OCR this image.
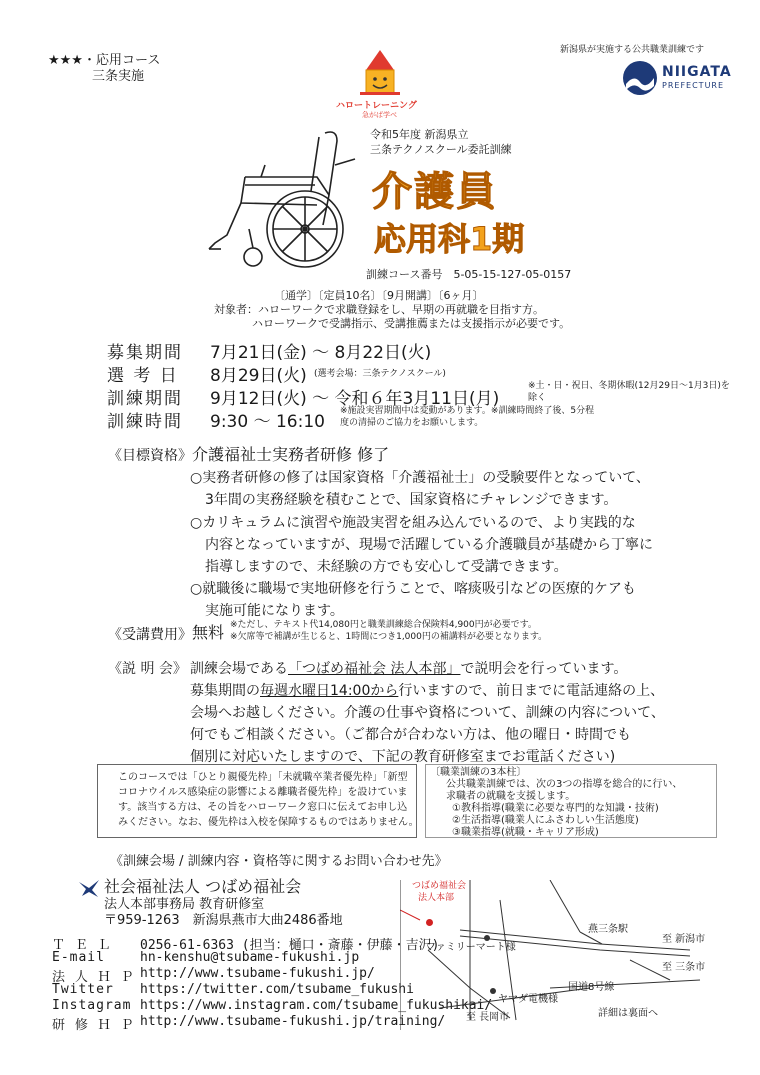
★★★・応用コース
三条実施
ハロートレーニング
急がば学べ
新潟県が実施する公共職業訓練です
NIIGATA
PREFECTURE
令和5年度 新潟県立
三条テクノスクール委託訓練
介護員
応用科1期
訓練コース番号　5-05-15-127-05-0157
〔通学〕〔定員10名〕〔9月開講〕〔6ヶ月〕
対象者：ハローワークで求職登録をし、早期の再就職を目指す方。
ハローワークで受講指示、受講推薦または支援指示が必要です。
募集期間 7月21日(金) ～ 8月22日(火)
選 考 日 8月29日(火) (選考会場：三条テクノスクール)
訓練期間 9月12日(火) ～ 令和６年3月11日(月)
※土・日・祝日、冬期休暇(12月29日～1月3日)を除く
訓練時間 9:30 ～ 16:10
※施設実習期間中は変動があります。※訓練時間終了後、5分程度の清掃のご協力をお願いします。
《目標資格》 介護福祉士実務者研修 修了
○実務者研修の修了は国家資格「介護福祉士」の受験要件となっていて、
3年間の実務経験を積むことで、国家資格にチャレンジできます。
○カリキュラムに演習や施設実習を組み込んでいるので、より実践的な
内容となっていますが、現場で活躍している介護職員が基礎から丁寧に
指導しますので、未経験の方でも安心して受講できます。
○就職後に職場で実地研修を行うことで、喀痰吸引などの医療的ケアも
実施可能になります。
《受講費用》 無料 ※ただし、テキスト代14,080円と職業訓練総合保険料4,900円が必要です。
※欠席等で補講が生じると、1時間につき1,000円の補講料が必要となります。
《説 明 会》 訓練会場である「つばめ福祉会 法人本部」で説明会を行っています。
募集期間の毎週水曜日14:00から行いますので、前日までに電話連絡の上、
会場へお越しください。介護の仕事や資格について、訓練の内容について、
何でもご相談ください。（ご都合が合わない方は、他の曜日・時間でも
個別に対応いたしますので、下記の教育研修室までお電話ください)
このコースでは「ひとり親優先枠」「未就職卒業者優先枠」「新型
コロナウイルス感染症の影響による離職者優先枠」を設けていま
す。該当する方は、その旨をハローワーク窓口に伝えてお申し込
みください。なお、優先枠は入校を保障するものではありません。
〔職業訓練の3本柱〕
公共職業訓練では、次の3つの指導を総合的に行い、
求職者の就職を支援します。
①教科指導(職業に必要な専門的な知識・技術)
②生活指導(職業人にふさわしい生活態度)
③職業指導(就職・キャリア形成)
《訓練会場 / 訓練内容・資格等に関するお問い合わせ先》
社会福祉法人 つばめ福祉会
法人本部事務局 教育研修室
〒959-1263　新潟県燕市大曲2486番地
Ｔ Ｅ Ｌ 0256-61-6363 (担当：樋口・斎藤・伊藤・吉沢)
E-mail	hn-kenshu@tsubame-fukushi.jp
法 人 Ｈ Ｐ http://www.tsubame-fukushi.jp/
Twitter https://twitter.com/tsubame_fukushi
Instagram https://www.instagram.com/tsubame_fukushikai/
研 修 Ｈ Ｐ http://www.tsubame-fukushi.jp/training/
つばめ福祉会
法人本部
ファミリーマート様
燕三条駅
至 新潟市
至 三条市
国道8号線
ヤマダ電機様
至 長岡市	詳細は裏面へ
